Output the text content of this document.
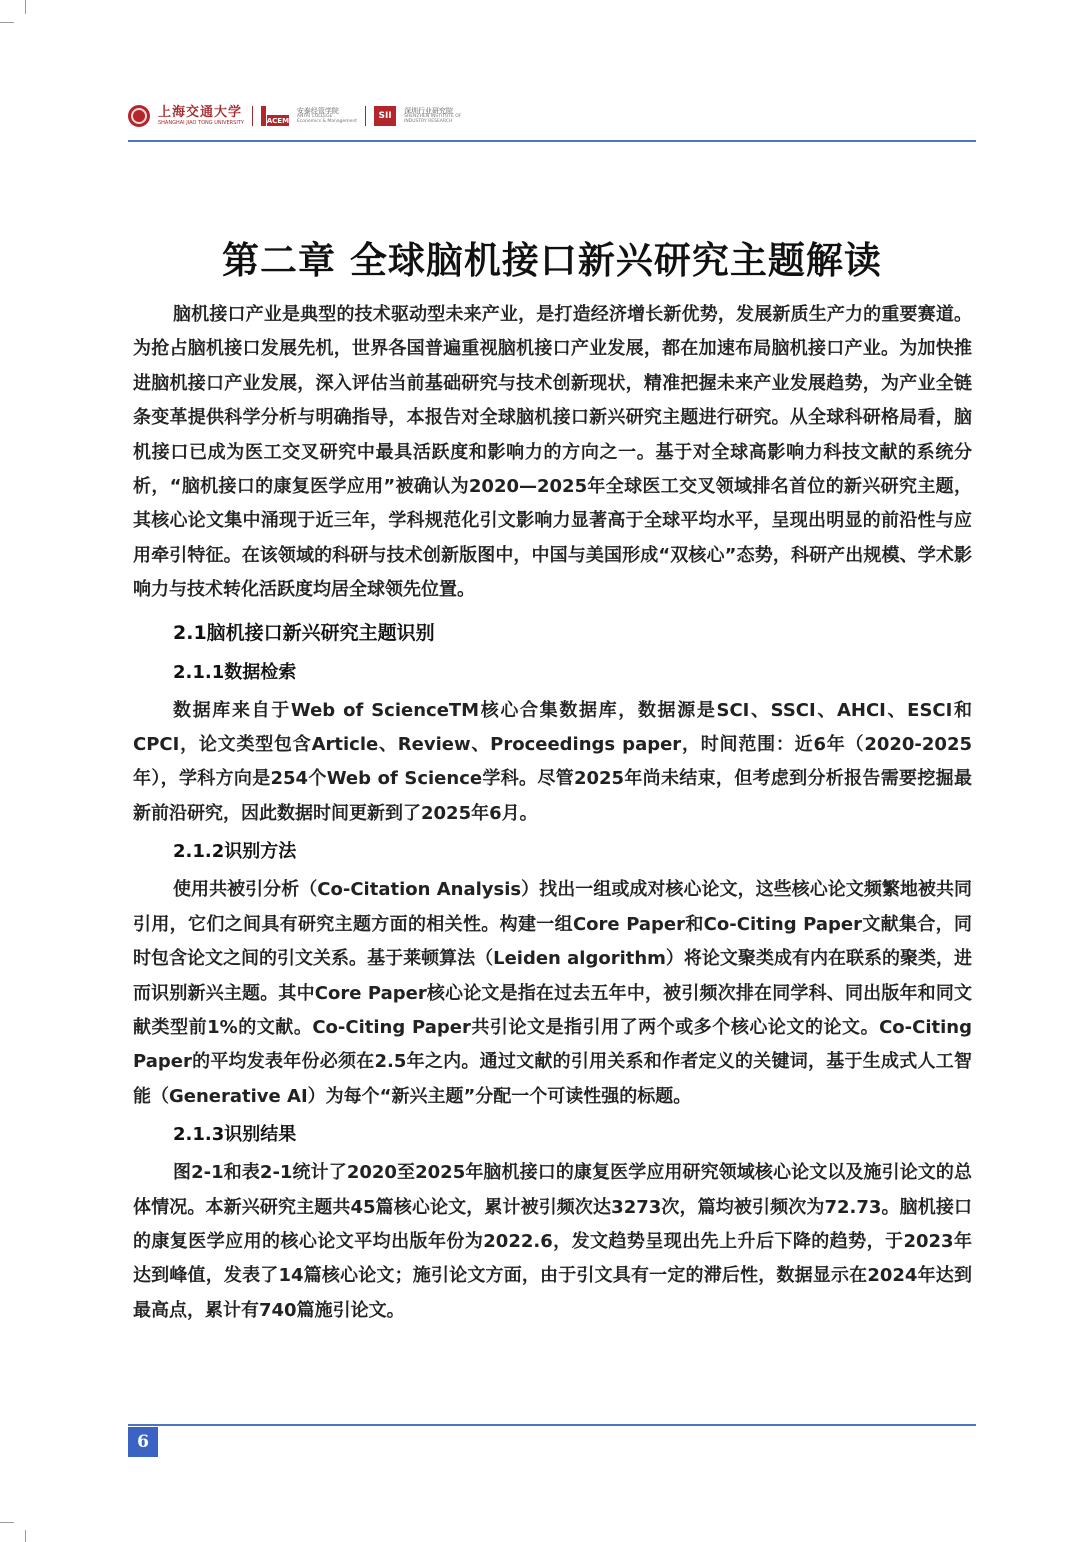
上海交通大学
SHANGHAI JIAO TONG UNIVERSITY	ACEM
安泰经管学院
ANTAI COLLEGE
Economics & Management
SII
深圳行业研究院
SHENZHEN INSTITUTE OF
INDUSTRY RESEARCH
第二章 全球脑机接口新兴研究主题解读

脑机接口产业是典型的技术驱动型未来产业，是打造经济增长新优势，发展新质生产力的重要赛道。为抢占脑机接口发展先机，世界各国普遍重视脑机接口产业发展，都在加速布局脑机接口产业。为加快推进脑机接口产业发展，深入评估当前基础研究与技术创新现状，精准把握未来产业发展趋势，为产业全链条变革提供科学分析与明确指导，本报告对全球脑机接口新兴研究主题进行研究。从全球科研格局看，脑机接口已成为医工交叉研究中最具活跃度和影响力的方向之一。基于对全球高影响力科技文献的系统分析，“脑机接口的康复医学应用”被确认为2020—2025年全球医工交叉领域排名首位的新兴研究主题，其核心论文集中涌现于近三年，学科规范化引文影响力显著高于全球平均水平，呈现出明显的前沿性与应用牵引特征。在该领域的科研与技术创新版图中，中国与美国形成“双核心”态势，科研产出规模、学术影响力与技术转化活跃度均居全球领先位置。

2.1脑机接口新兴研究主题识别
2.1.1数据检索

数据库来自于Web of ScienceTM核心合集数据库，数据源是SCI、SSCI、AHCI、ESCI和CPCI，论文类型包含Article、Review、Proceedings paper，时间范围：近6年（2020-2025年），学科方向是254个Web of Science学科。尽管2025年尚未结束，但考虑到分析报告需要挖掘最新前沿研究，因此数据时间更新到了2025年6月。

2.1.2识别方法

使用共被引分析（Co-Citation Analysis）找出一组或成对核心论文，这些核心论文频繁地被共同引用，它们之间具有研究主题方面的相关性。构建一组Core Paper和Co-Citing Paper文献集合，同时包含论文之间的引文关系。基于莱顿算法（Leiden algorithm）将论文聚类成有内在联系的聚类，进而识别新兴主题。其中Core Paper核心论文是指在过去五年中，被引频次排在同学科、同出版年和同文献类型前1%的文献。Co-Citing Paper共引论文是指引用了两个或多个核心论文的论文。Co-Citing Paper的平均发表年份必须在2.5年之内。通过文献的引用关系和作者定义的关键词，基于生成式人工智能（Generative AI）为每个“新兴主题”分配一个可读性强的标题。

2.1.3识别结果

图2-1和表2-1统计了2020至2025年脑机接口的康复医学应用研究领域核心论文以及施引论文的总体情况。本新兴研究主题共45篇核心论文，累计被引频次达3273次，篇均被引频次为72.73。脑机接口的康复医学应用的核心论文平均出版年份为2022.6，发文趋势呈现出先上升后下降的趋势，于2023年达到峰值，发表了14篇核心论文；施引论文方面，由于引文具有一定的滞后性，数据显示在2024年达到最高点，累计有740篇施引论文。

6
